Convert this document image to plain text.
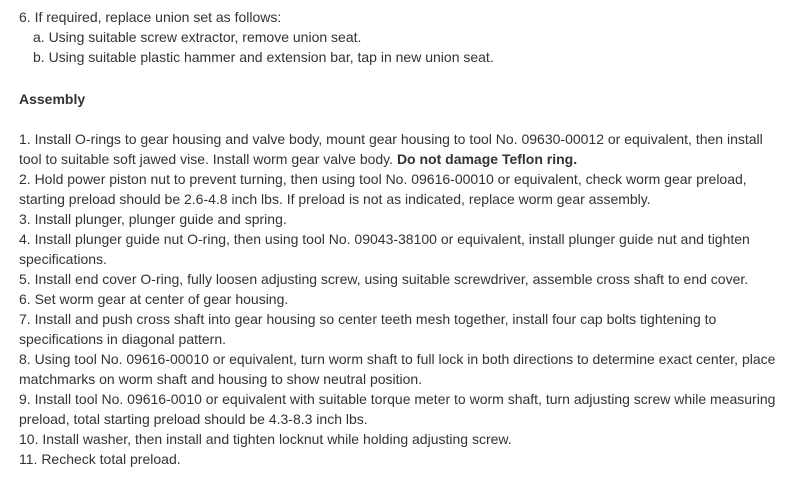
6. If required, replace union set as follows:
a. Using suitable screw extractor, remove union seat.
b. Using suitable plastic hammer and extension bar, tap in new union seat.
Assembly
1. Install O-rings to gear housing and valve body, mount gear housing to tool No. 09630-00012 or equivalent, then install tool to suitable soft jawed vise. Install worm gear valve body. Do not damage Teflon ring.
2. Hold power piston nut to prevent turning, then using tool No. 09616-00010 or equivalent, check worm gear preload, starting preload should be 2.6-4.8 inch lbs. If preload is not as indicated, replace worm gear assembly.
3. Install plunger, plunger guide and spring.
4. Install plunger guide nut O-ring, then using tool No. 09043-38100 or equivalent, install plunger guide nut and tighten specifications.
5. Install end cover O-ring, fully loosen adjusting screw, using suitable screwdriver, assemble cross shaft to end cover.
6. Set worm gear at center of gear housing.
7. Install and push cross shaft into gear housing so center teeth mesh together, install four cap bolts tightening to specifications in diagonal pattern.
8. Using tool No. 09616-00010 or equivalent, turn worm shaft to full lock in both directions to determine exact center, place matchmarks on worm shaft and housing to show neutral position.
9. Install tool No. 09616-0010 or equivalent with suitable torque meter to worm shaft, turn adjusting screw while measuring preload, total starting preload should be 4.3-8.3 inch lbs.
10. Install washer, then install and tighten locknut while holding adjusting screw.
11. Recheck total preload.
